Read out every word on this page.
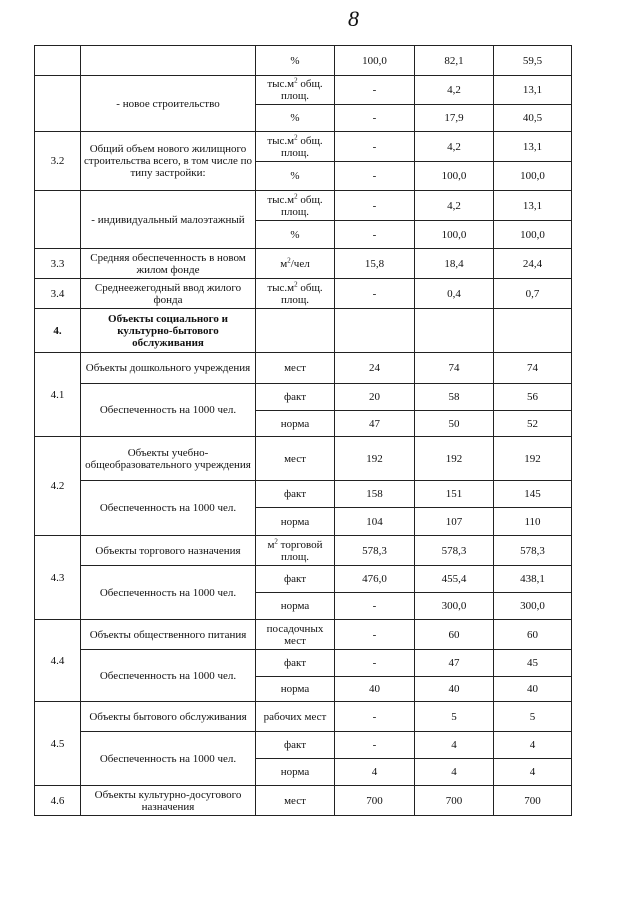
8
		%	100,0	82,1	59,5
	- новое строительство	$тыс.м^2$ общ. площ.	-	4,2	13,1
		%	-	17,9	40,5
3.2	Общий объем нового жилищного строительства всего, в том числе по типу застройки:	$тыс.м^2$ общ. площ.	-	4,2	13,1
		%	-	100,0	100,0
	- индивидуальный малоэтажный	$тыс.м^2$ общ. площ.	-	4,2	13,1
		%	-	100,0	100,0
3.3	Средняя обеспеченность в новом жилом фонде	$м^2$/чел	15,8	18,4	24,4
3.4	Среднеежегодный ввод жилого фонда	$тыс.м^2$ общ. площ.	-	0,4	0,7
4.	Объекты социального и культурно-бытового обслуживания				
4.1	Объекты дошкольного учреждения	мест	24	74	74
	Обеспеченность на 1000 чел.	факт	20	58	56
		норма	47	50	52
4.2	Объекты учебно-общеобразовательного учреждения	мест	192	192	192
	Обеспеченность на 1000 чел.	факт	158	151	145
		норма	104	107	110
4.3	Объекты торгового назначения	$м^2$ торговой площ.	578,3	578,3	578,3
	Обеспеченность на 1000 чел.	факт	476,0	455,4	438,1
		норма	-	300,0	300,0
4.4	Объекты общественного питания	посадочных мест	-	60	60
	Обеспеченность на 1000 чел.	факт	-	47	45
		норма	40	40	40
4.5	Объекты бытового обслуживания	рабочих мест	-	5	5
	Обеспеченность на 1000 чел.	факт	-	4	4
		норма	4	4	4
4.6	Объекты культурно-досугового назначения	мест	700	700	700
